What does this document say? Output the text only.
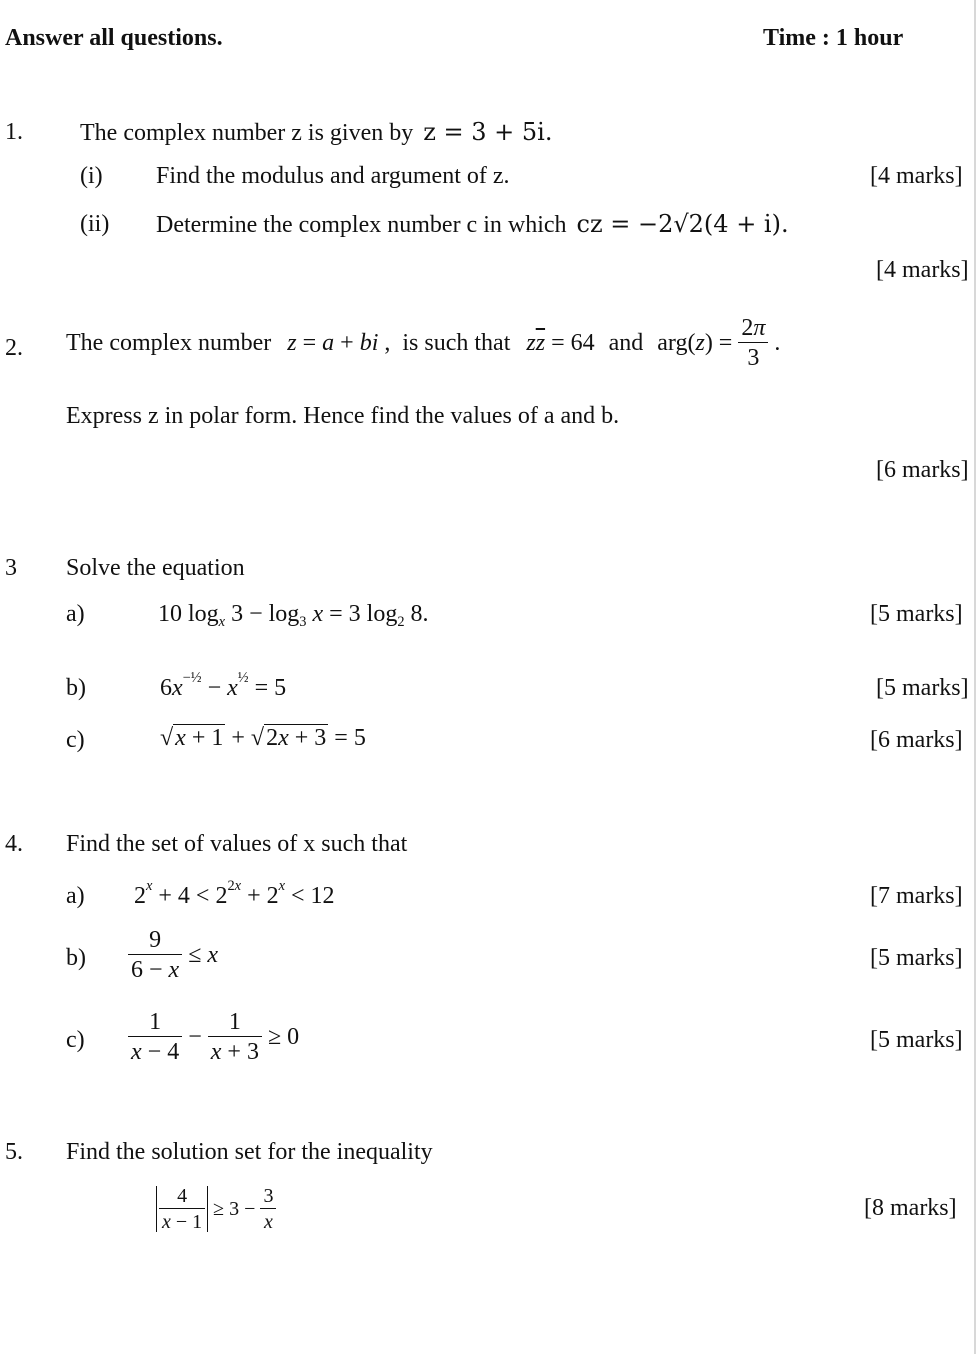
Answer all questions.	Time : 1 hour
1. The complex number z is given by z = 3 + 5i.
(i) Find the modulus and argument of z.	[4 marks]
(ii) Determine the complex number c in which cz = −2√2(4 + i).
[4 marks]
2. The complex number z = a + bi , is such that $z\overline{z} = 64$ and $arg(z) = \frac{2\pi}{3}$ .
Express z in polar form. Hence find the values of a and b.
[6 marks]
3 Solve the equation
a)	10 $\log_x 3 - \log_3 x = 3$ $\log_2 8$.	[5 marks]
b)	$6x^{-\frac{1}{2}} - x^{\frac{1}{2}} = 5$	[5 marks]
c)	√x + 1 + √2x + 3 = 5	[6 marks]
4. Find the set of values of x such that
a) $2^x + 4 < 2^{2x} + 2^x < 12$	[7 marks]
$b) \frac{9}{6 - x} \le x$	[5 marks]
$c) \frac{1}{x - 4} - \frac{1}{x + 3} \ge 0$	[5 marks]
5. Find the solution set for the inequality
$\frac{4}{x - 1} \ge 3 - \frac{3}{x}$	[8 marks]
